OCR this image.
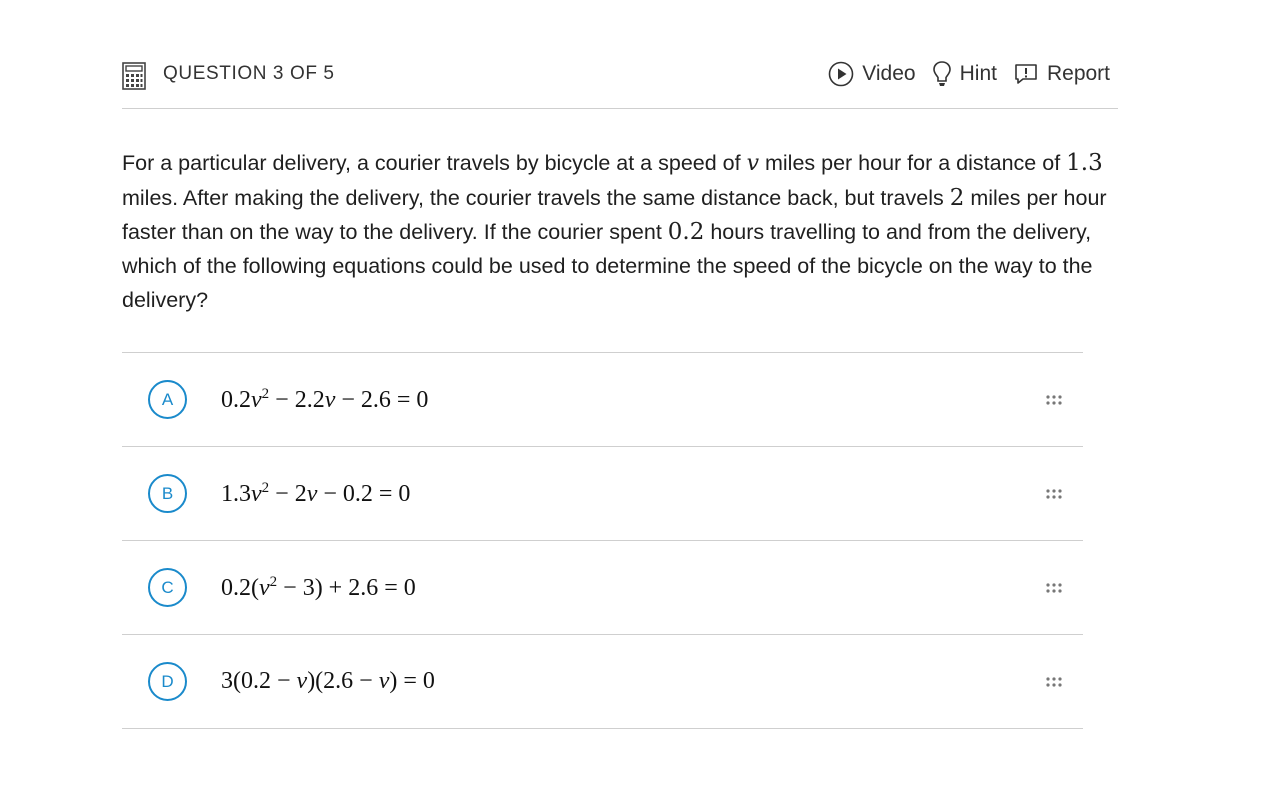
QUESTION 3 OF 5	Video Hint Report
For a particular delivery, a courier travels by bicycle at a speed of v miles per hour for a distance of 1.3 miles. After making the delivery, the courier travels the same distance back, but travels 2 miles per hour faster than on the way to the delivery. If the courier spent 0.2 hours travelling to and from the delivery, which of the following equations could be used to determine the speed of the bicycle on the way to the delivery?
A	$0.2v^2 - 2.2v - 2.6 = 0$
B	$1.3v^2 - 2v - 0.2 = 0$
C	$0.2(v^2 - 3) + 2.6 = 0$
D	3(0.2 − v)(2.6 − v) = 0
